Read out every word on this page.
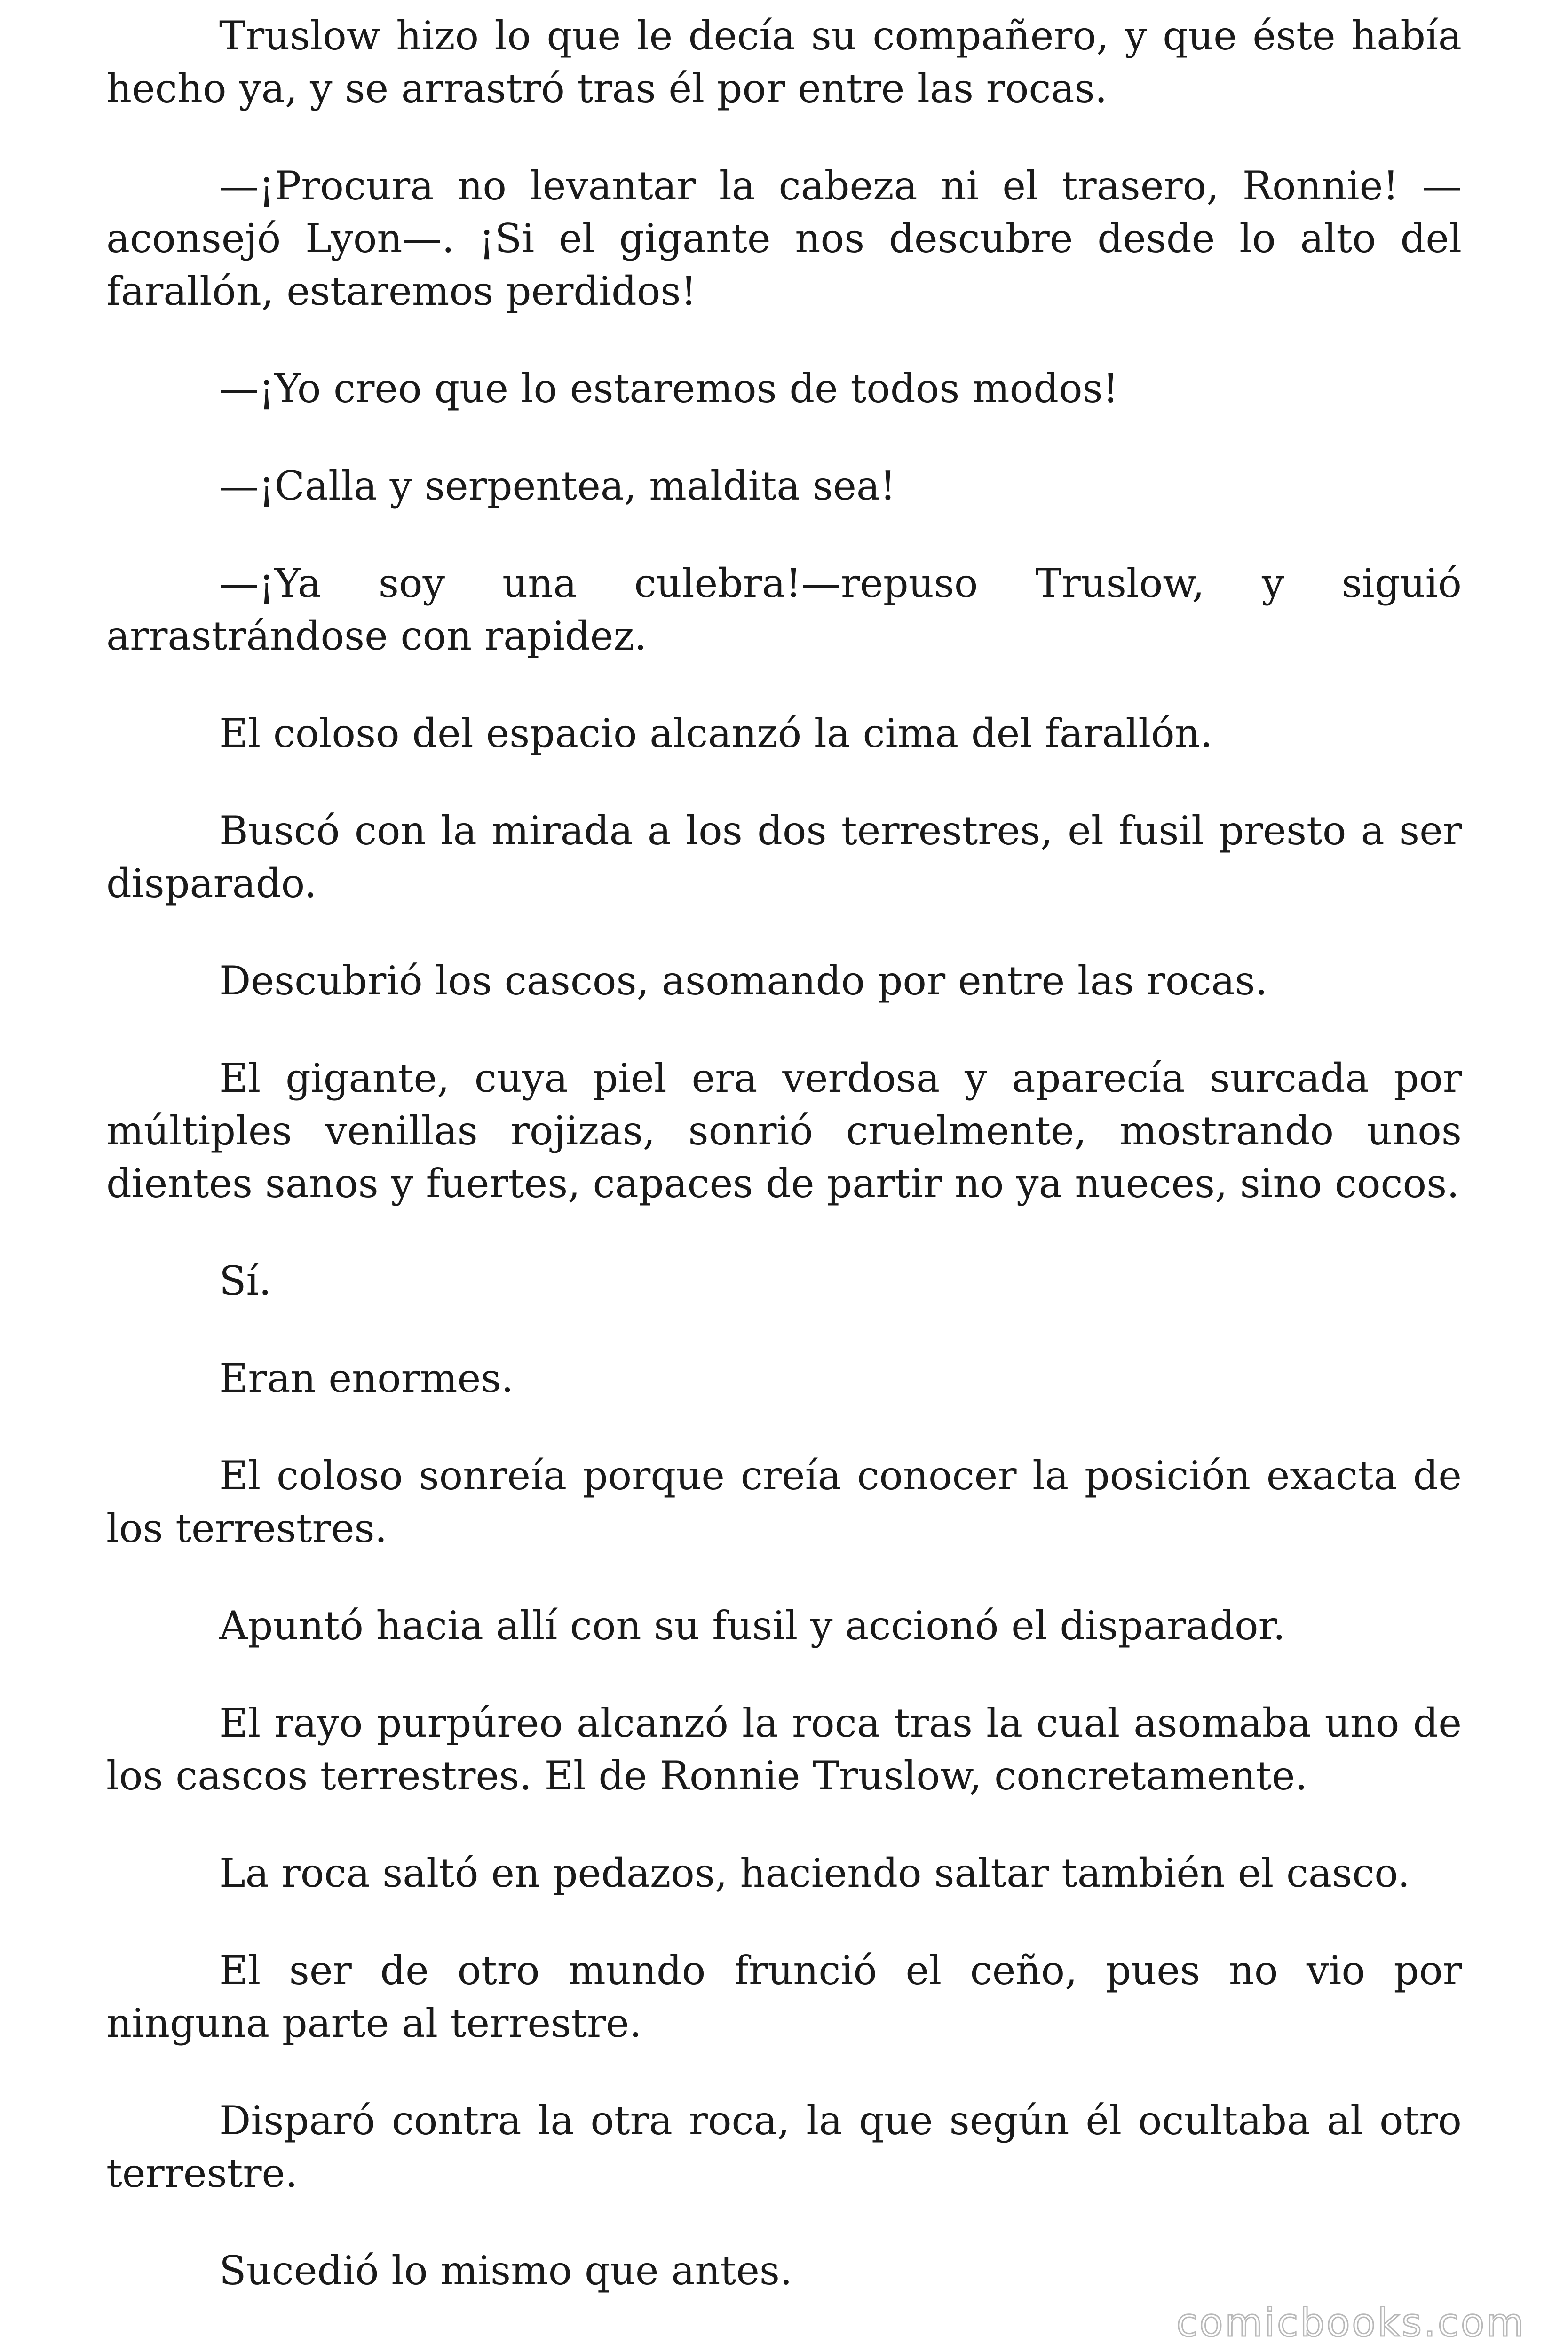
Truslow hizo lo que le decía su compañero, y que éste había hecho ya, y se arrastró tras él por entre las rocas.

—¡Procura no levantar la cabeza ni el trasero, Ronnie! —aconsejó Lyon—. ¡Si el gigante nos descubre desde lo alto del farallón, estaremos perdidos!

—¡Yo creo que lo estaremos de todos modos!

—¡Calla y serpentea, maldita sea!

—¡Ya soy una culebra!—repuso Truslow, y siguió arrastrándose con rapidez.

El coloso del espacio alcanzó la cima del farallón.

Buscó con la mirada a los dos terrestres, el fusil presto a ser disparado.

Descubrió los cascos, asomando por entre las rocas.

El gigante, cuya piel era verdosa y aparecía surcada por múltiples venillas rojizas, sonrió cruelmente, mostrando unos dientes sanos y fuertes, capaces de partir no ya nueces, sino cocos.

Sí.

Eran enormes.

El coloso sonreía porque creía conocer la posición exacta de los terrestres.

Apuntó hacia allí con su fusil y accionó el disparador.

El rayo purpúreo alcanzó la roca tras la cual asomaba uno de los cascos terrestres. El de Ronnie Truslow, concretamente.

La roca saltó en pedazos, haciendo saltar también el casco.

El ser de otro mundo frunció el ceño, pues no vio por ninguna parte al terrestre.

Disparó contra la otra roca, la que según él ocultaba al otro terrestre.

Sucedió lo mismo que antes.

comicbooks.com
